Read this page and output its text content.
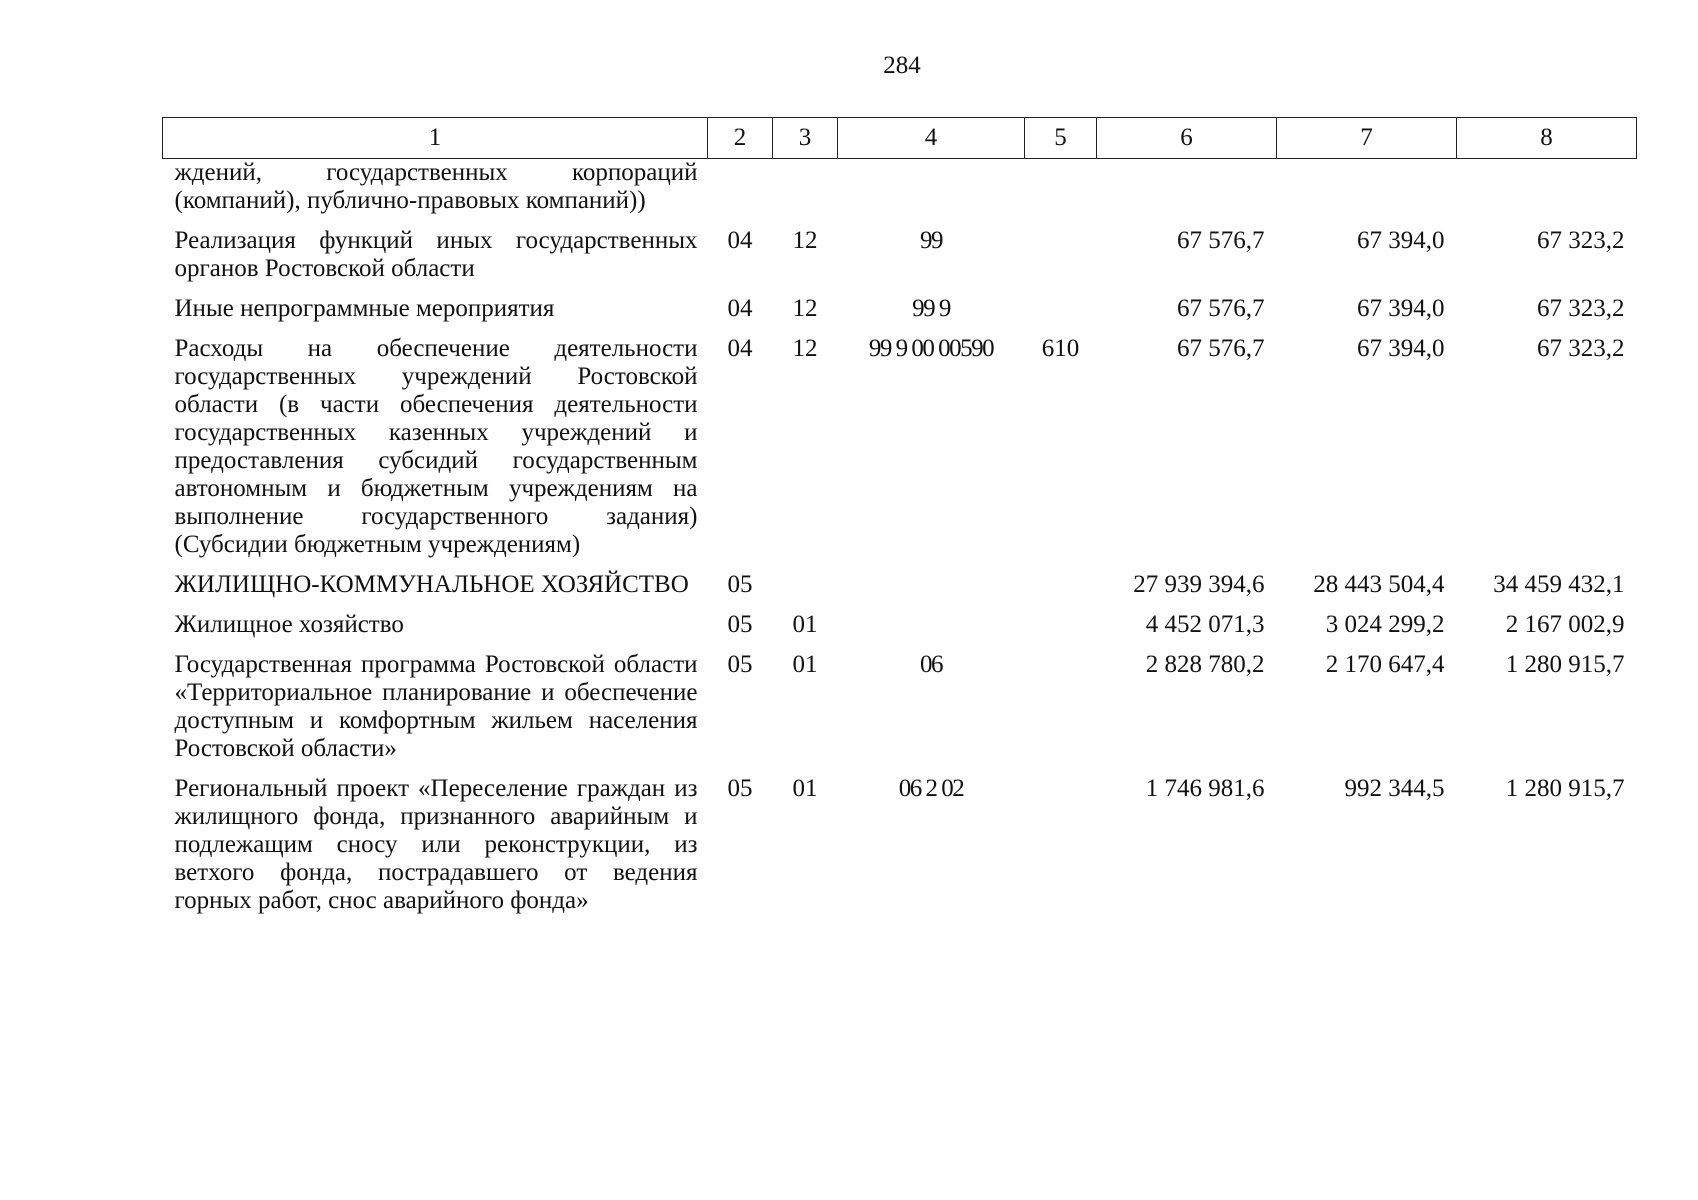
284
1	2	3	4	5	6	7	8
ждений, государственных корпораций (компаний), публично-правовых компаний))							
Реализация функций иных государственных органов Ростовской области	04	12	99		67 576,7	67 394,0	67 323,2
Иные непрограммные мероприятия	04	12	99 9		67 576,7	67 394,0	67 323,2
Расходы на обеспечение деятельности государственных учреждений Ростовской области (в части обеспечения деятельности государственных казенных учреждений и предоставления субсидий государственным автономным и бюджетным учреждениям на выполнение государственного задания) (Субсидии бюджетным учреждениям)	04	12	99 9 00 00590	610	67 576,7	67 394,0	67 323,2
ЖИЛИЩНО-КОММУНАЛЬНОЕ ХОЗЯЙСТВО	05				27 939 394,6	28 443 504,4	34 459 432,1
Жилищное хозяйство	05	01			4 452 071,3	3 024 299,2	2 167 002,9
Государственная программа Ростовской области «Территориальное планирование и обеспечение доступным и комфортным жильем населения Ростовской области»	05	01	06		2 828 780,2	2 170 647,4	1 280 915,7
Региональный проект «Переселение граждан из жилищного фонда, признанного аварийным и подлежащим сносу или реконструкции, из ветхого фонда, пострадавшего от ведения горных работ, снос аварийного фонда»	05	01	06 2 02		1 746 981,6	992 344,5	1 280 915,7
